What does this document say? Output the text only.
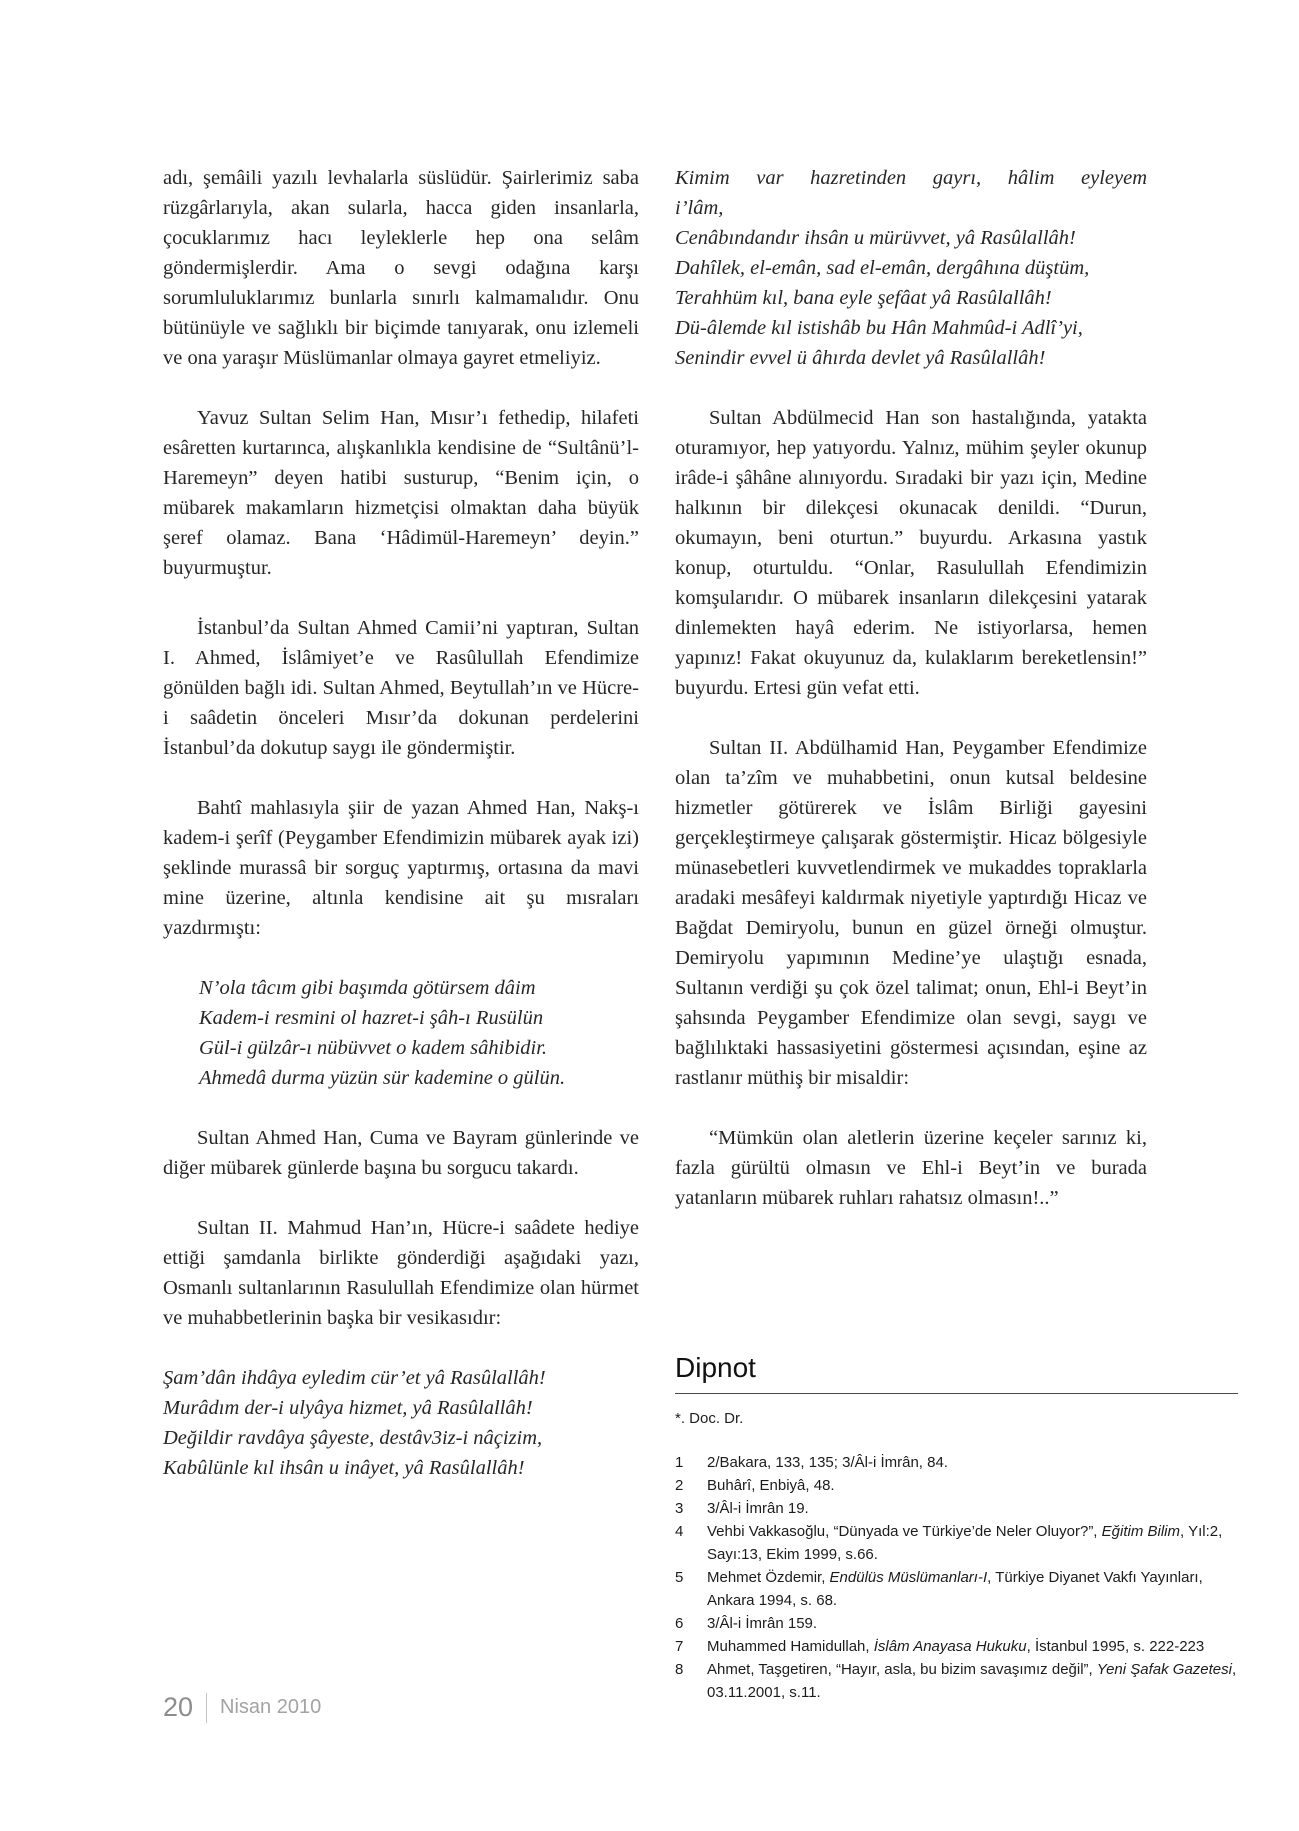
adı, şemâili yazılı levhalarla süslüdür. Şairlerimiz saba rüzgârlarıyla, akan sularla, hacca giden insanlarla, çocuklarımız hacı leyleklerle hep ona selâm göndermişlerdir. Ama o sevgi odağına karşı sorumluluklarımız bunlarla sınırlı kalmamalıdır. Onu bütünüyle ve sağlıklı bir biçimde tanıyarak, onu izlemeli ve ona yaraşır Müslümanlar olmaya gayret etmeliyiz.

Yavuz Sultan Selim Han, Mısır’ı fethedip, hilafeti esâretten kurtarınca, alışkanlıkla kendisine de “Sultânü’l-Haremeyn” deyen hatibi susturup, “Benim için, o mübarek makamların hizmetçisi olmaktan daha büyük şeref olamaz. Bana ‘Hâdimül-Haremeyn’ deyin.” buyurmuştur.

İstanbul’da Sultan Ahmed Camii’ni yaptıran, Sultan I. Ahmed, İslâmiyet’e ve Rasûlullah Efendimize gönülden bağlı idi. Sultan Ahmed, Beytullah’ın ve Hücre-i saâdetin önceleri Mısır’da dokunan perdelerini İstanbul’da dokutup saygı ile göndermiştir.

Bahtî mahlasıyla şiir de yazan Ahmed Han, Nakş-ı kadem-i şerîf (Peygamber Efendimizin mübarek ayak izi) şeklinde murassâ bir sorguç yaptırmış, ortasına da mavi mine üzerine, altınla kendisine ait şu mısraları yazdırmıştı:

N’ola tâcım gibi başımda götürsem dâim
Kadem-i resmini ol hazret-i şâh-ı Rusülün
Gül-i gülzâr-ı nübüvvet o kadem sâhibidir.
Ahmedâ durma yüzün sür kademine o gülün.

Sultan Ahmed Han, Cuma ve Bayram günlerinde ve diğer mübarek günlerde başına bu sorgucu takardı.

Sultan II. Mahmud Han’ın, Hücre-i saâdete hediye ettiği şamdanla birlikte gönderdiği aşağıdaki yazı, Osmanlı sultanlarının Rasulullah Efendimize olan hürmet ve muhabbetlerinin başka bir vesikasıdır:

Şam’dân ihdâya eyledim cür’et yâ Rasûlallâh!
Murâdım der-i ulyâya hizmet, yâ Rasûlallâh!
Değildir ravdâya şâyeste, destâv3iz-i nâçizim,
Kabûlünle kıl ihsân u inâyet, yâ Rasûlallâh!
Kimim var hazretinden gayrı, hâlim eyleyem
i’lâm,
Cenâbındandır ihsân u mürüvvet, yâ Rasûlallâh!
Dahîlek, el-emân, sad el-emân, dergâhına düştüm,
Terahhüm kıl, bana eyle şefâat yâ Rasûlallâh!
Dü-âlemde kıl istishâb bu Hân Mahmûd-i Adlî’yi,
Senindir evvel ü âhırda devlet yâ Rasûlallâh!

Sultan Abdülmecid Han son hastalığında, yatakta oturamıyor, hep yatıyordu. Yalnız, mühim şeyler okunup irâde-i şâhâne alınıyordu. Sıradaki bir yazı için, Medine halkının bir dilekçesi okunacak denildi. “Durun, okumayın, beni oturtun.” buyurdu. Arkasına yastık konup, oturtuldu. “Onlar, Rasulullah Efendimizin komşularıdır. O mübarek insanların dilekçesini yatarak dinlemekten hayâ ederim. Ne istiyorlarsa, hemen yapınız! Fakat okuyunuz da, kulaklarım bereketlensin!” buyurdu. Ertesi gün vefat etti.

Sultan II. Abdülhamid Han, Peygamber Efendimize olan ta’zîm ve muhabbetini, onun kutsal beldesine hizmetler götürerek ve İslâm Birliği gayesini gerçekleştirmeye çalışarak göstermiştir. Hicaz bölgesiyle münasebetleri kuvvetlendirmek ve mukaddes topraklarla aradaki mesâfeyi kaldırmak niyetiyle yaptırdığı Hicaz ve Bağdat Demiryolu, bunun en güzel örneği olmuştur. Demiryolu yapımının Medine’ye ulaştığı esnada, Sultanın verdiği şu çok özel talimat; onun, Ehl-i Beyt’in şahsında Peygamber Efendimize olan sevgi, saygı ve bağlılıktaki hassasiyetini göstermesi açısından, eşine az rastlanır müthiş bir misaldir:

“Mümkün olan aletlerin üzerine keçeler sarınız ki, fazla gürültü olmasın ve Ehl-i Beyt’in ve burada yatanların mübarek ruhları rahatsız olmasın!..”

Dipnot
*. Doc. Dr.
1	2/Bakara, 133, 135; 3/Âl-i İmrân, 84.
2	Buhârî, Enbiyâ, 48.
3	3/Âl-i İmrân 19.
4	Vehbi Vakkasoğlu, “Dünyada ve Türkiye’de Neler Oluyor?”, Eğitim Bilim, Yıl:2, Sayı:13, Ekim 1999, s.66.
5	Mehmet Özdemir, Endülüs Müslümanları-I, Türkiye Diyanet Vakfı Yayınları, Ankara 1994, s. 68.
6	3/Âl-i İmrân 159.
7	Muhammed Hamidullah, İslâm Anayasa Hukuku, İstanbul 1995, s. 222-223
8	Ahmet, Taşgetiren, “Hayır, asla, bu bizim savaşımız değil”, Yeni Şafak Gazetesi, 03.11.2001, s.11.
20 Nisan 2010
